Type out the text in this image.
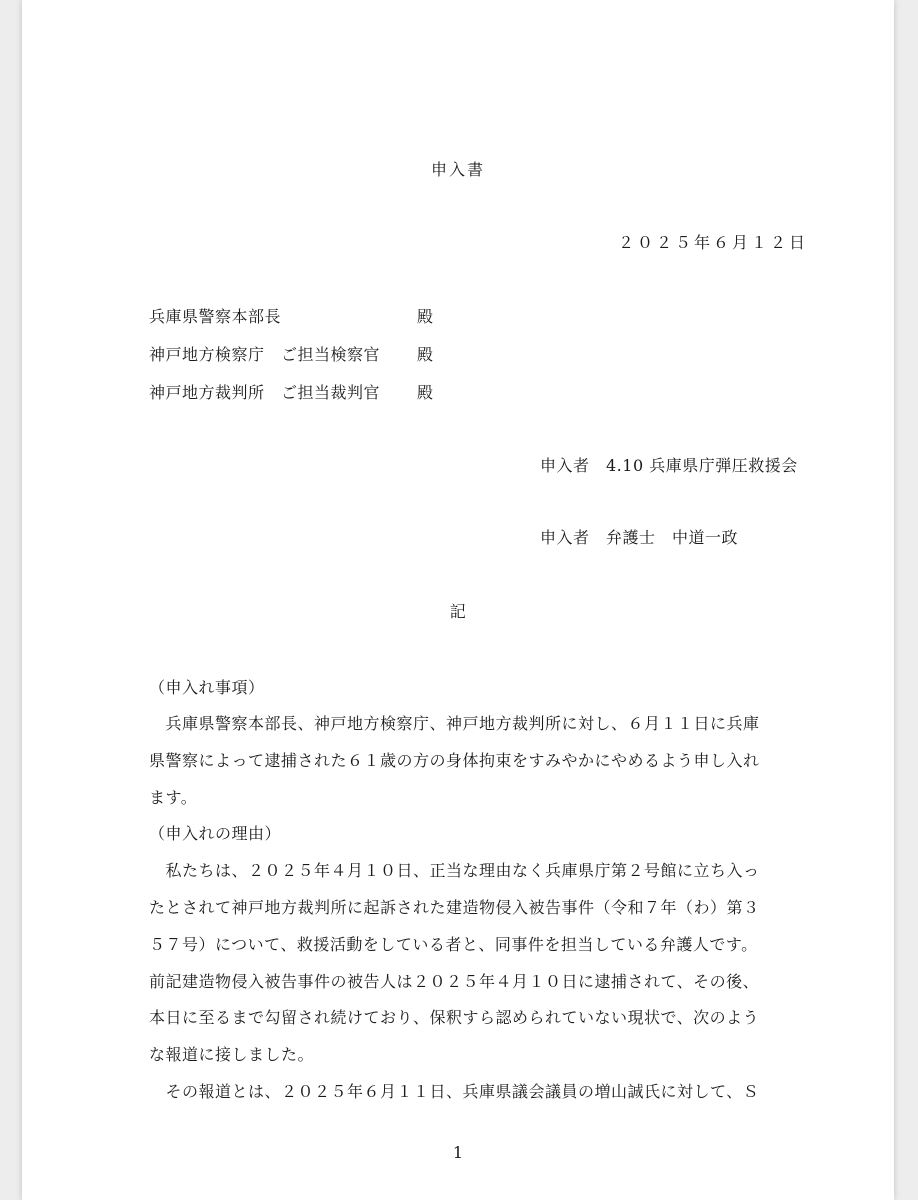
申入書
２０２５年６月１２日
兵庫県警察本部長	殿
神戸地方検察庁　ご担当検察官 殿
神戸地方裁判所　ご担当裁判官 殿
申入者　4.10 兵庫県庁弾圧救援会
申入者　弁護士　中道一政
記
（申入れ事項）
　兵庫県警察本部長、神戸地方検察庁、神戸地方裁判所に対し、６月１１日に兵庫
県警察によって逮捕された６１歳の方の身体拘束をすみやかにやめるよう申し入れ
ます。
（申入れの理由）
　私たちは、２０２５年４月１０日、正当な理由なく兵庫県庁第２号館に立ち入っ
たとされて神戸地方裁判所に起訴された建造物侵入被告事件（令和７年（わ）第３
５７号）について、救援活動をしている者と、同事件を担当している弁護人です。
前記建造物侵入被告事件の被告人は２０２５年４月１０日に逮捕されて、その後、
本日に至るまで勾留され続けており、保釈すら認められていない現状で、次のよう
な報道に接しました。
　その報道とは、２０２５年６月１１日、兵庫県議会議員の増山誠氏に対して、Ｓ
1
